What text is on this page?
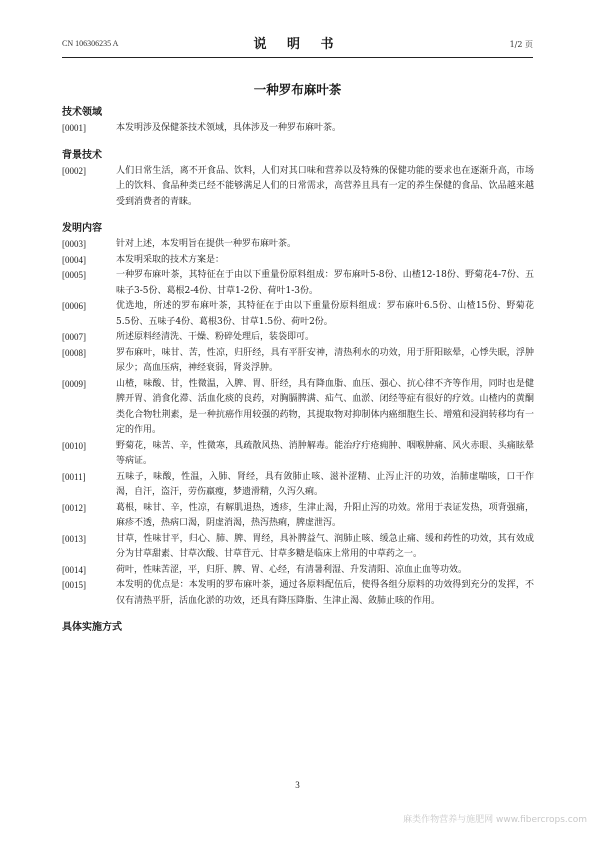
CN 106306235 A	说 明 书	1/2 页
一种罗布麻叶茶
技术领域
[0001]	本发明涉及保健茶技术领域，具体涉及一种罗布麻叶茶。
背景技术
[0002]	人们日常生活，离不开食品、饮料，人们对其口味和营养以及特殊的保健功能的要求也在逐渐升高，市场上的饮料、食品种类已经不能够满足人们的日常需求，高营养且具有一定的养生保健的食品、饮品越来越受到消费者的青睐。
发明内容
[0003]	针对上述，本发明旨在提供一种罗布麻叶茶。
[0004]	本发明采取的技术方案是：
[0005]	一种罗布麻叶茶，其特征在于由以下重量份原料组成：罗布麻叶5-8份、山楂12-18份、野菊花4-7份、五味子3-5份、葛根2-4份、甘草1-2份、荷叶1-3份。
[0006]	优选地，所述的罗布麻叶茶，其特征在于由以下重量份原料组成：罗布麻叶6.5份、山楂15份、野菊花5.5份、五味子4份、葛根3份、甘草1.5份、荷叶2份。
[0007]	所述原料经清洗、干燥、粉碎处理后，装袋即可。
[0008]	罗布麻叶，味甘、苦，性凉，归肝经，具有平肝安神，清热利水的功效，用于肝阳眩晕，心悸失眠，浮肿尿少；高血压病，神经衰弱，肾炎浮肿。
[0009]	山楂，味酸、甘，性微温，入脾、胃、肝经，具有降血脂、血压、强心、抗心律不齐等作用，同时也是健脾开胃、消食化滞、活血化痰的良药，对胸膈脾满、疝气、血淤、闭经等症有很好的疗效。山楂内的黄酮类化合物牡荆素，是一种抗癌作用较强的药物，其提取物对抑制体内癌细胞生长、增殖和浸润转移均有一定的作用。
[0010]	野菊花，味苦、辛，性微寒，具疏散风热、消肿解毒。能治疗疔疮痈肿、咽喉肿痛、风火赤眼、头痛眩晕等病证。
[0011]	五味子，味酸，性温，入肺、肾经，具有敛肺止咳、滋补涩精、止泻止汗的功效，治肺虚喘咳，口干作渴，自汗，盗汗，劳伤羸瘦，梦遗滑精，久泻久痢。
[0012]	葛根，味甘、辛，性凉，有解肌退热，透疹，生津止渴，升阳止泻的功效。常用于表证发热，项背强痛，麻疹不透，热病口渴，阴虚消渴，热泻热痢，脾虚泄泻。
[0013]	甘草，性味甘平，归心、肺、脾、胃经，具补脾益气、润肺止咳、缓急止痛、缓和药性的功效，其有效成分为甘草甜素、甘草次酸、甘草苷元、甘草多糖是临床上常用的中草药之一。
[0014]	荷叶，性味苦涩，平，归肝、脾、胃、心经，有清暑利湿、升发清阳、凉血止血等功效。
[0015]	本发明的优点是：本发明的罗布麻叶茶，通过各原料配伍后，使得各组分原料的功效得到充分的发挥，不仅有清热平肝，活血化淤的功效，还具有降压降脂、生津止渴、敛肺止咳的作用。
具体实施方式
3
麻类作物营养与施肥网 www.fibercrops.com
